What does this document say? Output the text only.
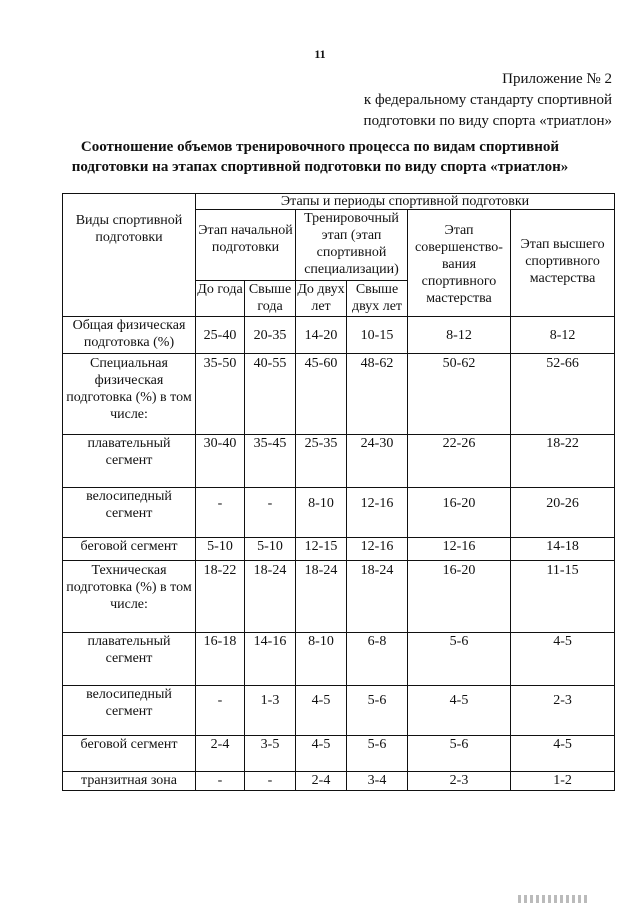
11
Приложение № 2
к федеральному стандарту спортивной
подготовки по виду спорта «триатлон»
Соотношение объемов тренировочного процесса по видам спортивной
подготовки на этапах спортивной подготовки по виду спорта «триатлон»
Виды спортивной подготовки	Этапы и периоды спортивной подготовки					
	Этап начальной подготовки		Тренировочный этап (этап спортивной специализации)		Этап совершенство-вания спортивного мастерства	Этап высшего спортивного мастерства
	До года	Свыше года	До двух лет	Свыше двух лет		
Общая физическая подготовка (%)	25-40	20-35	14-20	10-15	8-12	8-12
Специальная физическая подготовка (%) в том числе:	35-50	40-55	45-60	48-62	50-62	52-66
плавательный сегмент	30-40	35-45	25-35	24-30	22-26	18-22
велосипедный сегмент	-	-	8-10	12-16	16-20	20-26
беговой сегмент	5-10	5-10	12-15	12-16	12-16	14-18
Техническая подготовка (%) в том числе:	18-22	18-24	18-24	18-24	16-20	11-15
плавательный сегмент	16-18	14-16	8-10	6-8	5-6	4-5
велосипедный сегмент	-	1-3	4-5	5-6	4-5	2-3
беговой сегмент	2-4	3-5	4-5	5-6	5-6	4-5
транзитная зона	-	-	2-4	3-4	2-3	1-2
